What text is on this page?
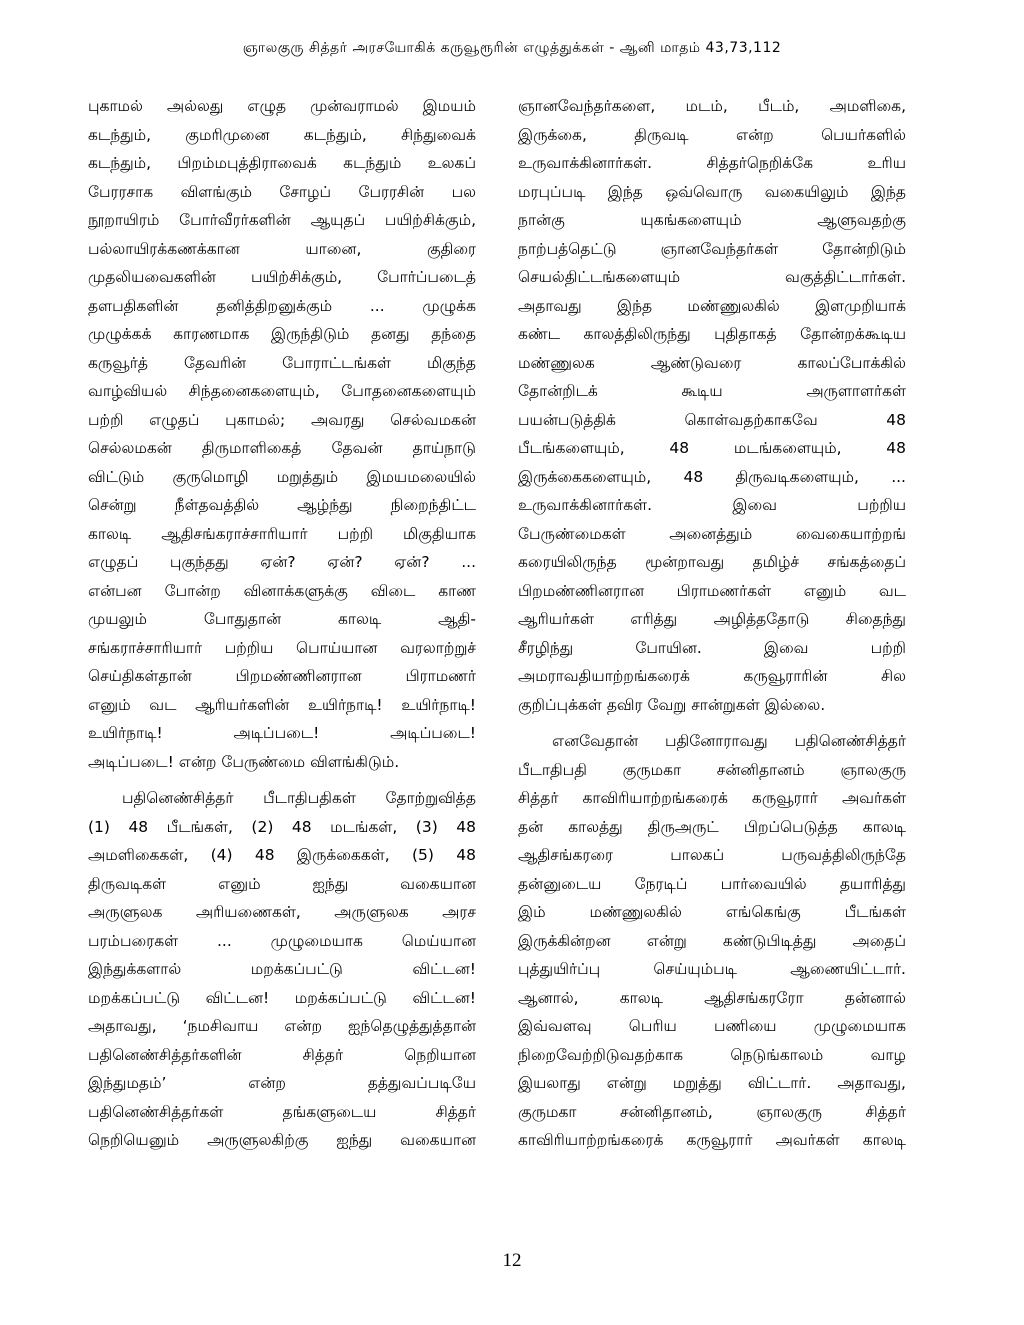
ஞாலகுரு சித்தர் அரசயோகிக் கருவூரூரின் எழுத்துக்கள் - ஆனி மாதம் 43,73,112

புகாமல் அல்லது எழுத முன்வராமல் இமயம்

கடந்தும், குமரிமுனை கடந்தும், சிந்துவைக்

கடந்தும், பிறம்மபுத்திராவைக் கடந்தும் உலகப்

பேரரசாக விளங்கும் சோழப் பேரரசின் பல

நூறாயிரம் போர்வீரர்களின் ஆயுதப் பயிற்சிக்கும்,

பல்லாயிரக்கணக்கான யானை, குதிரை

முதலியவைகளின் பயிற்சிக்கும், போர்ப்படைத்

தளபதிகளின் தனித்திறனுக்கும் ... முழுக்க

முழுக்கக் காரணமாக இருந்திடும் தனது தந்தை

கருவூர்த் தேவரின் போராட்டங்கள் மிகுந்த

வாழ்வியல் சிந்தனைகளையும், போதனைகளையும்

பற்றி எழுதப் புகாமல்; அவரது செல்வமகன்

செல்லமகன் திருமாளிகைத் தேவன் தாய்நாடு

விட்டும் குருமொழி மறுத்தும் இமயமலையில்

சென்று நீள்தவத்தில் ஆழ்ந்து நிறைந்திட்ட

காலடி ஆதிசங்கராச்சாரியார் பற்றி மிகுதியாக

எழுதப் புகுந்தது ஏன்? ஏன்? ஏன்? ...

என்பன போன்ற வினாக்களுக்கு விடை காண

முயலும் போதுதான் காலடி ஆதி-

சங்கராச்சாரியார் பற்றிய பொய்யான வரலாற்றுச்

செய்திகள்தான் பிறமண்ணினரான பிராமணர்

எனும் வட ஆரியர்களின் உயிர்நாடி! உயிர்நாடி!

உயிர்நாடி! அடிப்படை! அடிப்படை!

அடிப்படை! என்ற பேருண்மை விளங்கிடும்.

பதினெண்சித்தர் பீடாதிபதிகள் தோற்றுவித்த

(1) 48 பீடங்கள், (2) 48 மடங்கள், (3) 48

அமளிகைகள், (4) 48 இருக்கைகள், (5) 48

திருவடிகள் எனும் ஐந்து வகையான

அருளுலக அரியணைகள், அருளுலக அரச

பரம்பரைகள் ... முழுமையாக மெய்யான

இந்துக்களால் மறக்கப்பட்டு விட்டன!

மறக்கப்பட்டு விட்டன! மறக்கப்பட்டு விட்டன!

அதாவது, ‘நமசிவாய என்ற ஐந்தெழுத்துத்தான்

பதினெண்சித்தர்களின் சித்தர் நெறியான

இந்துமதம்’ என்ற தத்துவப்படியே

பதினெண்சித்தர்கள் தங்களுடைய சித்தர்

நெறியெனும் அருளுலகிற்கு ஐந்து வகையான

ஞானவேந்தர்களை, மடம், பீடம், அமளிகை,

இருக்கை, திருவடி என்ற பெயர்களில்

உருவாக்கினார்கள். சித்தர்நெறிக்கே உரிய

மரபுப்படி இந்த ஒவ்வொரு வகையிலும் இந்த

நான்கு யுகங்களையும் ஆளுவதற்கு

நாற்பத்தெட்டு ஞானவேந்தர்கள் தோன்றிடும்

செயல்திட்டங்களையும் வகுத்திட்டார்கள்.

அதாவது இந்த மண்ணுலகில் இளமுறியாக்

கண்ட காலத்திலிருந்து புதிதாகத் தோன்றக்கூடிய

மண்ணுலக ஆண்டுவரை காலப்போக்கில்

தோன்றிடக் கூடிய அருளாளர்கள்

பயன்படுத்திக் கொள்வதற்காகவே 48

பீடங்களையும், 48 மடங்களையும், 48

இருக்கைகளையும், 48 திருவடிகளையும், ...

உருவாக்கினார்கள். இவை பற்றிய

பேருண்மைகள் அனைத்தும் வைகையாற்றங்

கரையிலிருந்த மூன்றாவது தமிழ்ச் சங்கத்தைப்

பிறமண்ணினரான பிராமணர்கள் எனும் வட

ஆரியர்கள் எரித்து அழித்ததோடு சிதைந்து

சீரழிந்து போயின. இவை பற்றி

அமராவதியாற்றங்கரைக் கருவூராரின் சில

குறிப்புக்கள் தவிர வேறு சான்றுகள் இல்லை.

எனவேதான் பதினோராவது பதினெண்சித்தர்

பீடாதிபதி குருமகா சன்னிதானம் ஞாலகுரு

சித்தர் காவிரியாற்றங்கரைக் கருவூரார் அவர்கள்

தன் காலத்து திருஅருட் பிறப்பெடுத்த காலடி

ஆதிசங்கரரை பாலகப் பருவத்திலிருந்தே

தன்னுடைய நேரடிப் பார்வையில் தயாரித்து

இம் மண்ணுலகில் எங்கெங்கு பீடங்கள்

இருக்கின்றன என்று கண்டுபிடித்து அதைப்

புத்துயிர்ப்பு செய்யும்படி ஆணையிட்டார்.

ஆனால், காலடி ஆதிசங்கரரோ தன்னால்

இவ்வளவு பெரிய பணியை முழுமையாக

நிறைவேற்றிடுவதற்காக நெடுங்காலம் வாழ

இயலாது என்று மறுத்து விட்டார். அதாவது,

குருமகா சன்னிதானம், ஞாலகுரு சித்தர்

காவிரியாற்றங்கரைக் கருவூரார் அவர்கள் காலடி

12
